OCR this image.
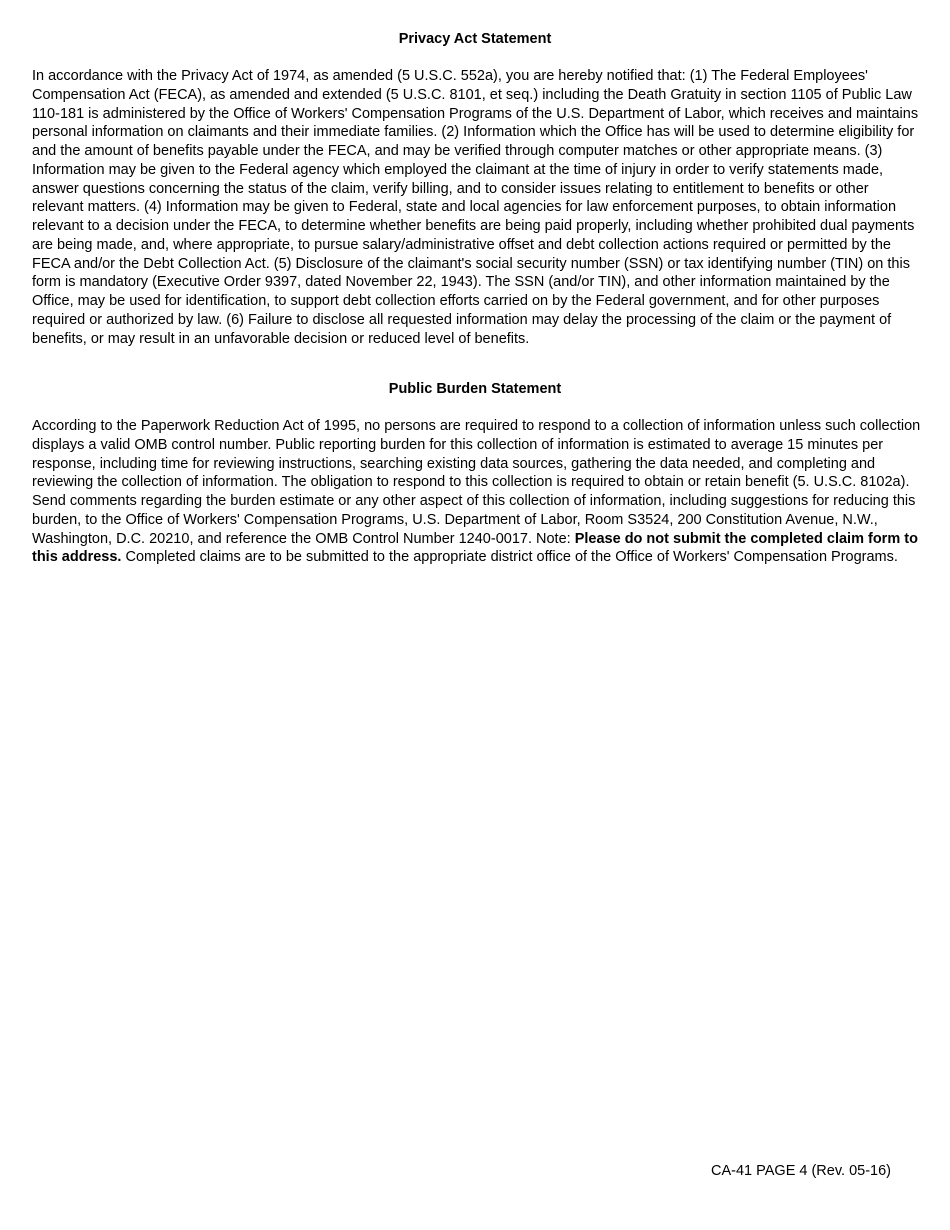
Privacy Act Statement

In accordance with the Privacy Act of 1974, as amended (5 U.S.C. 552a), you are hereby notified that: (1) The Federal Employees' Compensation Act (FECA), as amended and extended (5 U.S.C. 8101, et seq.) including the Death Gratuity in section 1105 of Public Law 110-181 is administered by the Office of Workers' Compensation Programs of the U.S. Department of Labor, which receives and maintains personal information on claimants and their immediate families. (2) Information which the Office has will be used to determine eligibility for and the amount of benefits payable under the FECA, and may be verified through computer matches or other appropriate means. (3) Information may be given to the Federal agency which employed the claimant at the time of injury in order to verify statements made, answer questions concerning the status of the claim, verify billing, and to consider issues relating to entitlement to benefits or other relevant matters. (4) Information may be given to Federal, state and local agencies for law enforcement purposes, to obtain information relevant to a decision under the FECA, to determine whether benefits are being paid properly, including whether prohibited dual payments are being made, and, where appropriate, to pursue salary/administrative offset and debt collection actions required or permitted by the FECA and/or the Debt Collection Act. (5) Disclosure of the claimant's social security number (SSN) or tax identifying number (TIN) on this form is mandatory (Executive Order 9397, dated November 22, 1943). The SSN (and/or TIN), and other information maintained by the Office, may be used for identification, to support debt collection efforts carried on by the Federal government, and for other purposes required or authorized by law. (6) Failure to disclose all requested information may delay the processing of the claim or the payment of benefits, or may result in an unfavorable decision or reduced level of benefits.

Public Burden Statement

According to the Paperwork Reduction Act of 1995, no persons are required to respond to a collection of information unless such collection displays a valid OMB control number. Public reporting burden for this collection of information is estimated to average 15 minutes per response, including time for reviewing instructions, searching existing data sources, gathering the data needed, and completing and reviewing the collection of information. The obligation to respond to this collection is required to obtain or retain benefit (5. U.S.C. 8102a). Send comments regarding the burden estimate or any other aspect of this collection of information, including suggestions for reducing this burden, to the Office of Workers' Compensation Programs, U.S. Department of Labor, Room S3524, 200 Constitution Avenue, N.W., Washington, D.C. 20210, and reference the OMB Control Number 1240-0017. Note: Please do not submit the completed claim form to this address. Completed claims are to be submitted to the appropriate district office of the Office of Workers' Compensation Programs.

CA-41 PAGE 4 (Rev. 05-16)
